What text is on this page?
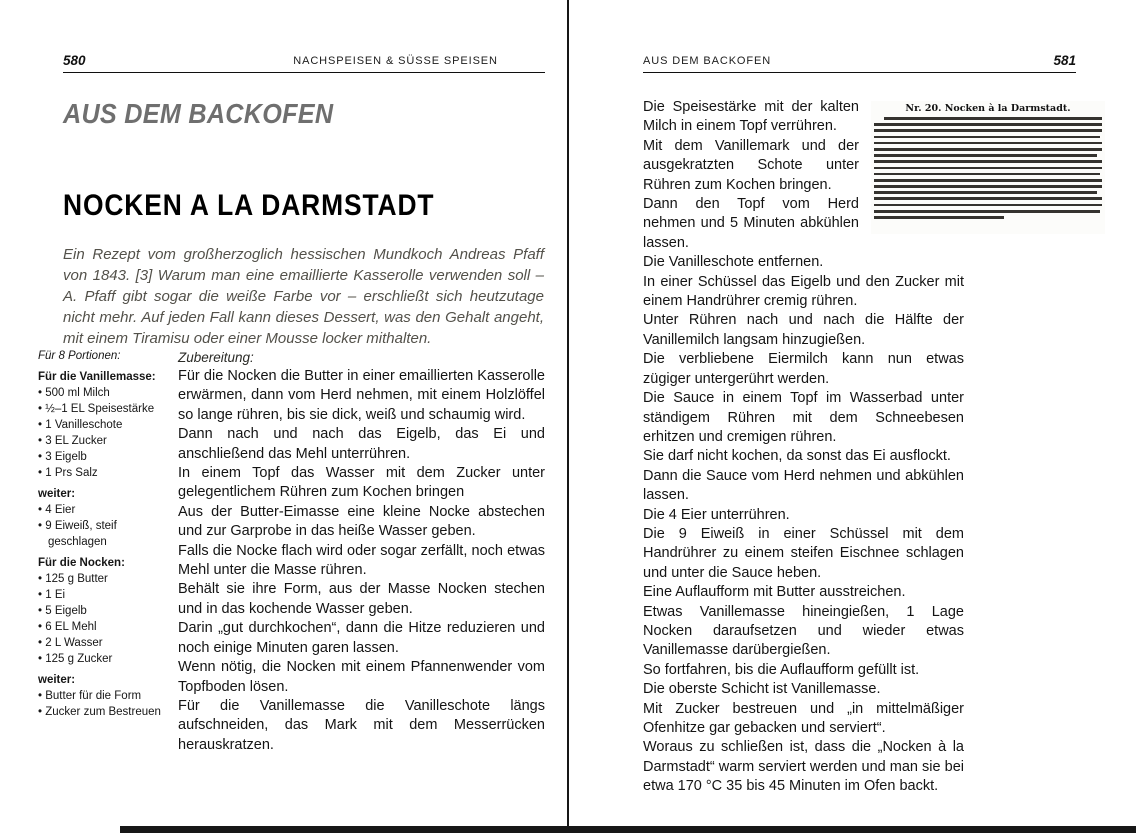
580	NACHSPEISEN & SÜSSE SPEISEN
AUS DEM BACKOFEN
NOCKEN A LA DARMSTADT

Ein Rezept vom großherzoglich hessischen Mundkoch Andreas Pfaff von 1843. [3] Warum man eine emaillierte Kasserolle verwenden soll – A. Pfaff gibt sogar die weiße Farbe vor – erschließt sich heutzutage nicht mehr. Auf jeden Fall kann dieses Dessert, was den Gehalt angeht, mit einem Tiramisu oder einer Mousse locker mithalten.

Für 8 Portionen:

Für die Vanillemasse:

• 500 ml Milch
• ½–1 EL Speisestärke
• 1 Vanilleschote
• 3 EL Zucker
• 3 Eigelb
• 1 Prs Salz

weiter:

• 4 Eier
• 9 Eiweiß, steif geschlagen

Für die Nocken:

• 125 g Butter
• 1 Ei
• 5 Eigelb
• 6 EL Mehl
• 2 L Wasser
• 125 g Zucker

weiter:

• Butter für die Form
• Zucker zum Bestreuen

Zubereitung:

Für die Nocken die Butter in einer emaillierten Kasserolle erwärmen, dann vom Herd nehmen, mit einem Holzlöffel so lange rühren, bis sie dick, weiß und schaumig wird.

Dann nach und nach das Eigelb, das Ei und anschließend das Mehl unterrühren.

In einem Topf das Wasser mit dem Zucker unter gelegentlichem Rühren zum Kochen bringen

Aus der Butter-Eimasse eine kleine Nocke abstechen und zur Garprobe in das heiße Wasser geben.

Falls die Nocke flach wird oder sogar zerfällt, noch etwas Mehl unter die Masse rühren.

Behält sie ihre Form, aus der Masse Nocken stechen und in das kochende Wasser geben.

Darin „gut durchkochen“, dann die Hitze reduzieren und noch einige Minuten garen lassen.

Wenn nötig, die Nocken mit einem Pfannenwender vom Topfboden lösen.

Für die Vanillemasse die Vanilleschote längs aufschneiden, das Mark mit dem Messerrücken herauskratzen.

AUS DEM BACKOFEN	581
Nr. 20. Nocken à la Darmstadt.

Die Speisestärke mit der kalten Milch in einem Topf verrühren.

Mit dem Vanillemark und der ausgekratzten Schote unter Rühren zum Kochen bringen.

Dann den Topf vom Herd nehmen und 5 Minuten abkühlen lassen.

Die Vanilleschote entfernen.

In einer Schüssel das Eigelb und den Zucker mit einem Handrührer cremig rühren.

Unter Rühren nach und nach die Hälfte der Vanillemilch langsam hinzugießen.

Die verbliebene Eiermilch kann nun etwas zügiger untergerührt werden.

Die Sauce in einem Topf im Wasserbad unter ständigem Rühren mit dem Schneebesen erhitzen und cremigen rühren.

Sie darf nicht kochen, da sonst das Ei ausflockt.

Dann die Sauce vom Herd nehmen und abkühlen lassen.

Die 4 Eier unterrühren.

Die 9 Eiweiß in einer Schüssel mit dem Handrührer zu einem steifen Eischnee schlagen und unter die Sauce heben.

Eine Auflaufform mit Butter ausstreichen.

Etwas Vanillemasse hineingießen, 1 Lage Nocken daraufsetzen und wieder etwas Vanillemasse darübergießen.

So fortfahren, bis die Auflaufform gefüllt ist.

Die oberste Schicht ist Vanillemasse.

Mit Zucker bestreuen und „in mittelmäßiger Ofenhitze gar gebacken und serviert“.

Woraus zu schließen ist, dass die „Nocken à la Darmstadt“ warm serviert werden und man sie bei etwa 170 °C 35 bis 45 Minuten im Ofen backt.
